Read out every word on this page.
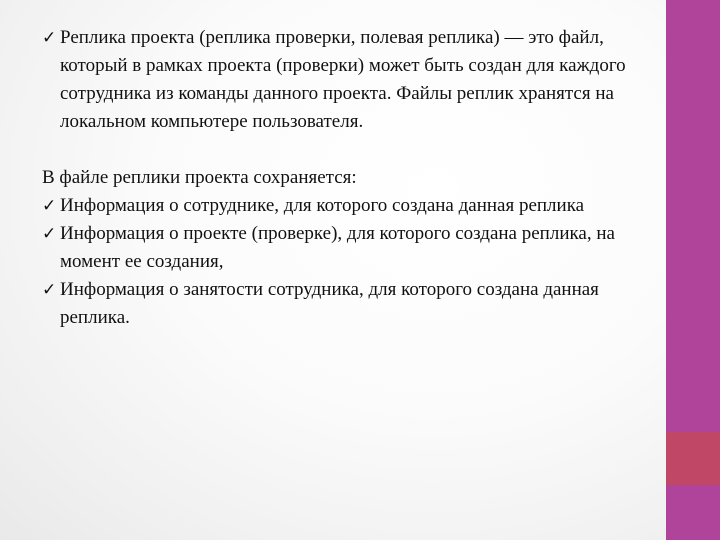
✓ Реплика проекта (реплика проверки, полевая реплика) — это файл, который в рамках проекта (проверки) может быть создан для каждого сотрудника из команды данного проекта. Файлы реплик хранятся на локальном компьютере пользователя.
В файле реплики проекта сохраняется:
✓ Информация о сотруднике, для которого создана данная реплика
✓ Информация о проекте (проверке), для которого создана реплика, на момент ее создания,
✓ Информация о занятости сотрудника, для которого создана данная реплика.
